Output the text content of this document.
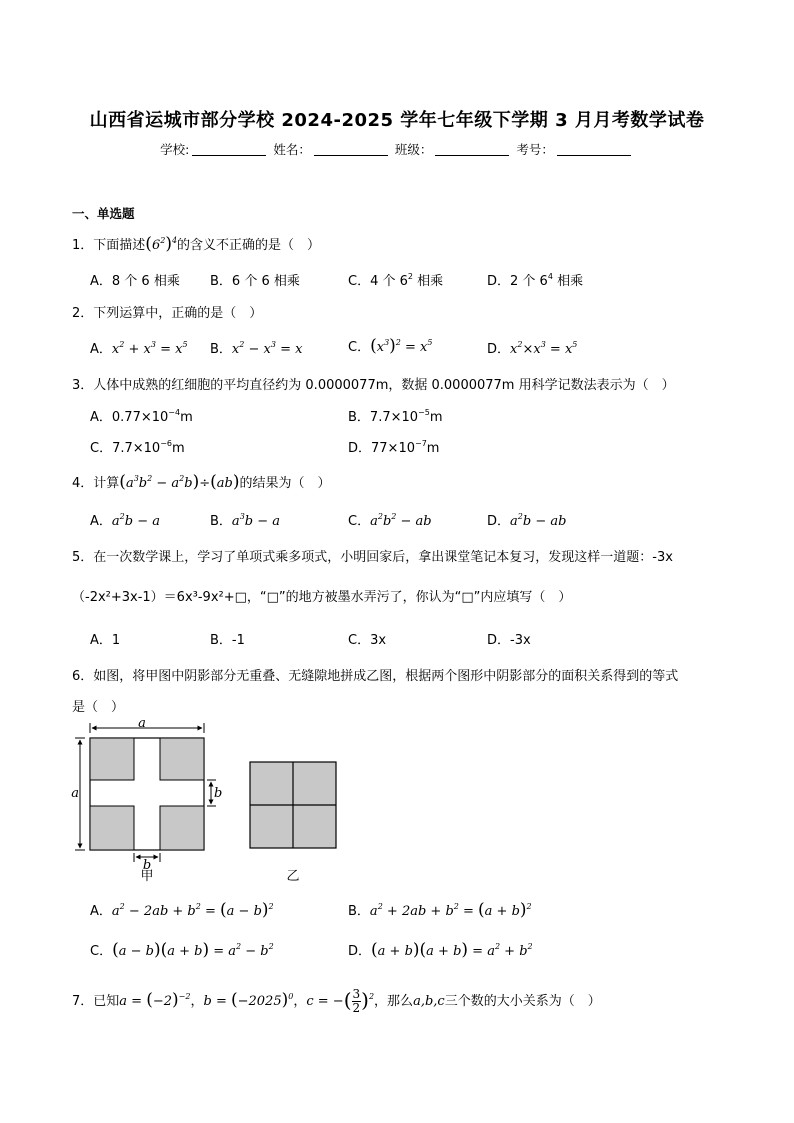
山西省运城市部分学校 2024-2025 学年七年级下学期 3 月月考数学试卷
学校:	姓名：	班级：	考号：
一、单选题
1．下面描述$(6^2)^4$的含义不正确的是（　）
A．8 个 6 相乘 B．6 个 6 相乘	C．4 个 $6^2$ 相乘	D．2 个 $6^4$ 相乘
2．下列运算中，正确的是（　）
A．$x^2 + x^3 = x^5$ B．$x^2 - x^3 = x$	C．$(x^3)^2 = x^5$	D．$x^2\times x^3 = x^5$
3．人体中成熟的红细胞的平均直径约为 0.0000077m，数据 0.0000077m 用科学记数法表示为（　）
A．$0.77\times 10^{-4}m$	B．$7.7\times 10^{-5}m$
C．$7.7\times 10^{-6}m$	D．$77\times 10^{-7}m$
4．计算$(a^3b^2 - a^2b)\div(ab)$的结果为（　）
A．$a^2b - a$	B．$a^3b - a$	C．$a^2b^2$ − ab	D．$a^2b$ − ab
5．在一次数学课上，学习了单项式乘多项式，小明回家后，拿出课堂笔记本复习，发现这样一道题：-3x
（-2x²+3x-1）＝6x³-9x²+□，“□”的地方被墨水弄污了，你认为“□”内应填写（　）
A．1	B．-1	C．3x	D．-3x
6．如图，将甲图中阴影部分无重叠、无缝隙地拼成乙图，根据两个图形中阴影部分的面积关系得到的等式
是（　）
a
a	b
b
甲	乙
A．$a^2 - 2ab + b^2 = (a - b)^2$	B．$a^2 + 2ab + b^2 = (a + b)^2$
C．$(a - b)(a + b) = a^2 - b^2$	D．$(a + b)(a + b) = a^2 + b^2$
7．已知$a = (-2)^{-2}$，$b = (-2025)^0$，c = −( $\frac{3}{2} )^2$，那么a,b,c三个数的大小关系为（　）
